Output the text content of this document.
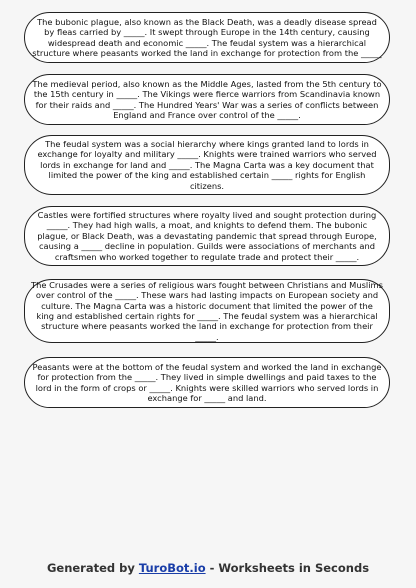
The bubonic plague, also known as the Black Death, was a deadly disease spread by fleas carried by _____. It swept through Europe in the 14th century, causing widespread death and economic _____. The feudal system was a hierarchical structure where peasants worked the land in exchange for protection from the _____

The medieval period, also known as the Middle Ages, lasted from the 5th century to the 15th century in _____. The Vikings were fierce warriors from Scandinavia known for their raids and _____. The Hundred Years' War was a series of conflicts between England and France over control of the _____.

The feudal system was a social hierarchy where kings granted land to lords in exchange for loyalty and military _____. Knights were trained warriors who served lords in exchange for land and _____. The Magna Carta was a key document that limited the power of the king and established certain _____ rights for English citizens.

Castles were fortified structures where royalty lived and sought protection during _____. They had high walls, a moat, and knights to defend them. The bubonic plague, or Black Death, was a devastating pandemic that spread through Europe, causing a _____ decline in population. Guilds were associations of merchants and craftsmen who worked together to regulate trade and protect their _____.

The Crusades were a series of religious wars fought between Christians and Muslims over control of the _____. These wars had lasting impacts on European society and culture. The Magna Carta was a historic document that limited the power of the king and established certain rights for _____. The feudal system was a hierarchical structure where peasants worked the land in exchange for protection from their _____.

Peasants were at the bottom of the feudal system and worked the land in exchange for protection from the _____. They lived in simple dwellings and paid taxes to the lord in the form of crops or _____. Knights were skilled warriors who served lords in exchange for _____ and land.

Generated by TuroBot.io - Worksheets in Seconds
